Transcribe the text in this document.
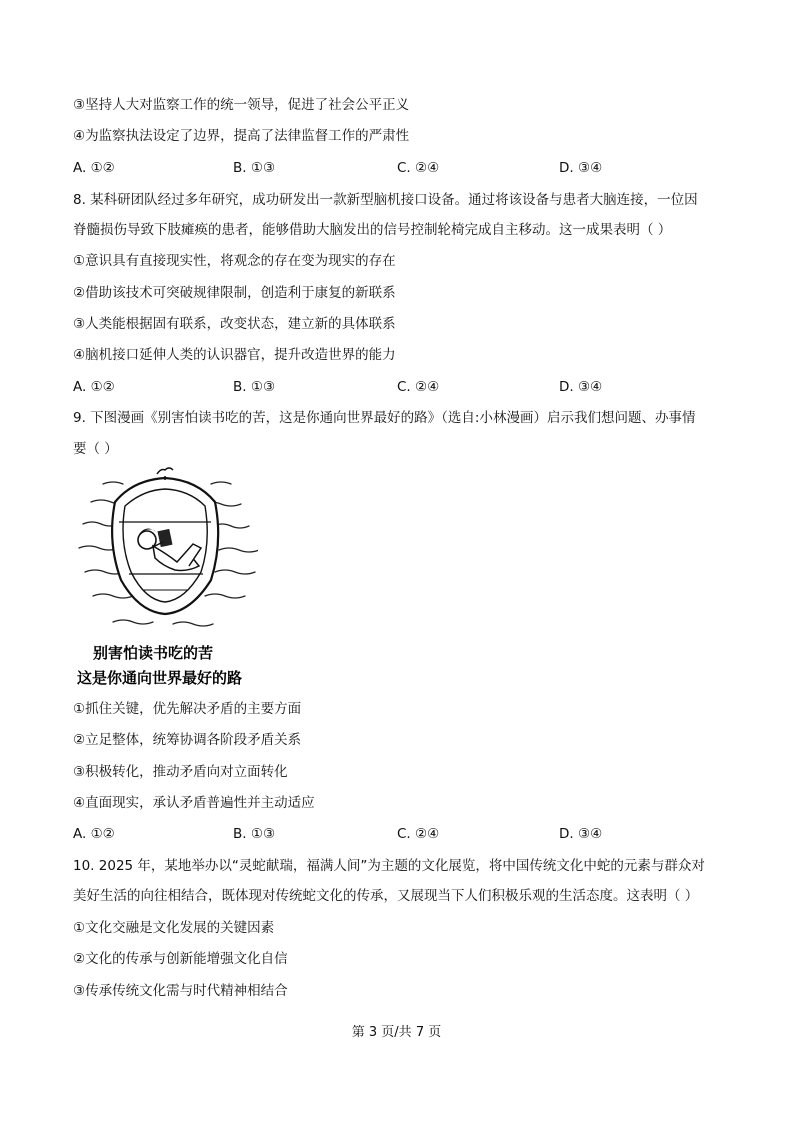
③坚持人大对监察工作的统一领导，促进了社会公平正义
④为监察执法设定了边界，提高了法律监督工作的严肃性
A. ①②	B. ①③	C. ②④	D. ③④
8. 某科研团队经过多年研究，成功研发出一款新型脑机接口设备。通过将该设备与患者大脑连接，一位因
脊髓损伤导致下肢瘫痪的患者，能够借助大脑发出的信号控制轮椅完成自主移动。这一成果表明（ ）
①意识具有直接现实性，将观念的存在变为现实的存在
②借助该技术可突破规律限制，创造利于康复的新联系
③人类能根据固有联系，改变状态，建立新的具体联系
④脑机接口延伸人类的认识器官，提升改造世界的能力
A. ①②	B. ①③	C. ②④	D. ③④
9. 下图漫画《别害怕读书吃的苦，这是你通向世界最好的路》（选自:小林漫画）启示我们想问题、办事情
要（ ）
别害怕读书吃的苦
这是你通向世界最好的路
①抓住关键，优先解决矛盾的主要方面
②立足整体，统筹协调各阶段矛盾关系
③积极转化，推动矛盾向对立面转化
④直面现实，承认矛盾普遍性并主动适应
A. ①②	B. ①③	C. ②④	D. ③④
10. 2025 年，某地举办以“灵蛇献瑞，福满人间”为主题的文化展览，将中国传统文化中蛇的元素与群众对
美好生活的向往相结合，既体现对传统蛇文化的传承，又展现当下人们积极乐观的生活态度。这表明（ ）
①文化交融是文化发展的关键因素
②文化的传承与创新能增强文化自信
③传承传统文化需与时代精神相结合
第 3 页/共 7 页
